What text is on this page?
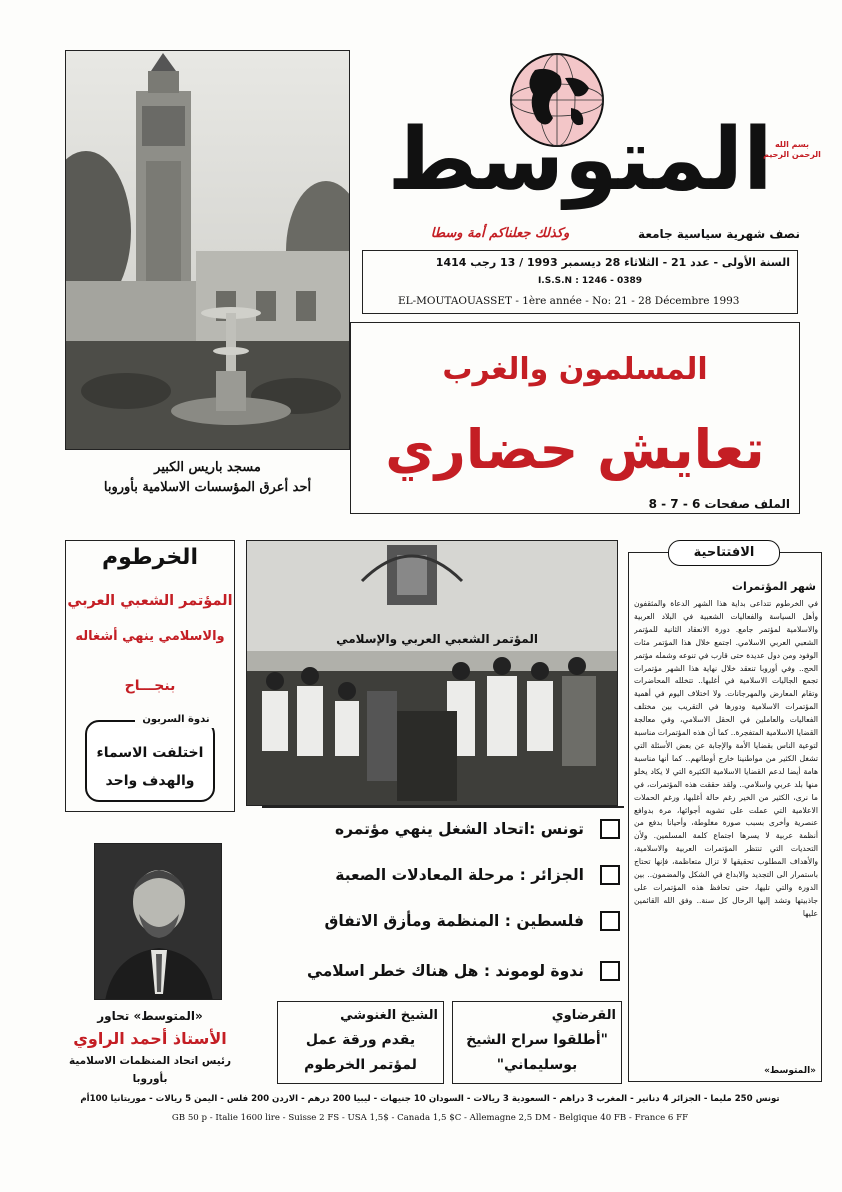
مسجد باريس الكبير
أحد أعرق المؤسسات الاسلامية بأوروبا
المتوسط بسم الله الرحمن الرحيم
وكذلك جعلناكم أمة وسطا	نصف شهرية سياسية جامعة
السنة الأولى - عدد 21 - الثلاثاء 28 ديسمبر 1993 / 13 رجب 1414
I.S.S.N : 1246 - 0389
EL-MOUTAOUASSET - 1ère année - No: 21 - 28 Décembre 1993
المسلمون والغرب
تعايش حضاري
الملف صفحات 6 - 7 - 8
الخرطوم
المؤتمر الشعبي العربي
والاسلامي ينهي أشغاله
بنجـــاح
ندوة السربون
اختلفت الاسماء
والهدف واحد
المؤتمر الشعبي العربي والإسلامي
الافتتاحية
شهر المؤتمرات
في الخرطوم تتداعى بداية هذا الشهر الدعاة والمثقفون وأهل السياسة والفعاليات الشعبية في البلاد العربية والاسلامية لمؤتمر جامع. دورة الانعقاد الثانية للمؤتمر الشعبي العربي الاسلامي. اجتمع خلال هذا المؤتمر مئات الوفود ومن دول عديدة حتى قارب في تنوعه وشمله مؤتمر الحج.. وفي أوروبا تنعقد خلال نهاية هذا الشهر مؤتمرات تجمع الجاليات الاسلامية في أغلبها.. تتخلله المحاضرات وتقام المعارض والمهرجانات. ولا اختلاف اليوم في أهمية المؤتمرات الاسلامية ودورها في التقريب بين مختلف الفعاليات والعاملين في الحقل الاسلامي، وفي معالجة القضايا الاسلامية المتفجرة.. كما أن هذه المؤتمرات مناسبة لتوعية الناس بقضايا الأمة والإجابة عن بعض الأسئلة التي تشغل الكثير من مواطنينا خارج أوطانهم.. كما أنها مناسبة هامة أيضا لدعم القضايا الاسلامية الكثيرة التي لا يكاد يخلو منها بلد عربي واسلامي.. ولقد حققت هذه المؤتمرات، في ما نرى، الكثير من الخير رغم حالة أغلبها، ورغم الحملات الاعلامية التي عملت على تشويه أجوائها، مرة بدوافع عنصرية وأخرى بسبب صورة مغلوطة، وأحيانا بدفع من أنظمة عربية لا يسرها اجتماع كلمة المسلمين. ولأن التحديات التي تنتظر المؤتمرات العربية والاسلامية، والأهداف المطلوب تحقيقها لا تزال متعاظمة، فإنها تحتاج باستمرار الى التجديد والابداع في الشكل والمضمون.. بين الدورة والتي تليها، حتى تحافظ هذه المؤتمرات على جاذبيتها وتشد إليها الرحال كل سنة.. وفق الله القائمين عليها
«المتوسط»
تونس :اتحاد الشغل ينهي مؤتمره
الجزائر : مرحلة المعادلات الصعبة
فلسطين : المنظمة ومأزق الاتفاق
ندوة لوموند : هل هناك خطر اسلامي
«المتوسط» تحاور
الأستاذ أحمد الراوي
رئيس اتحاد المنظمات الاسلامية بأوروبا
الشيخ الغنوشي
يقدم ورقة عمل
لمؤتمر الخرطوم
القرضاوي
"أطلقوا سراح الشيخ
بوسليماني"
تونس 250 مليما - الجزائر 4 دنانير - المغرب 3 دراهم - السعودية 3 ريالات - السودان 10 جنيهات - ليبيا 200 درهم - الاردن 200 فلس - اليمن 5 ريالات - موريتانيا 100أم
GB 50 p - Italie 1600 lire - Suisse 2 FS - USA 1,5$ - Canada 1,5 $C - Allemagne 2,5 DM - Belgique 40 FB - France 6 FF
